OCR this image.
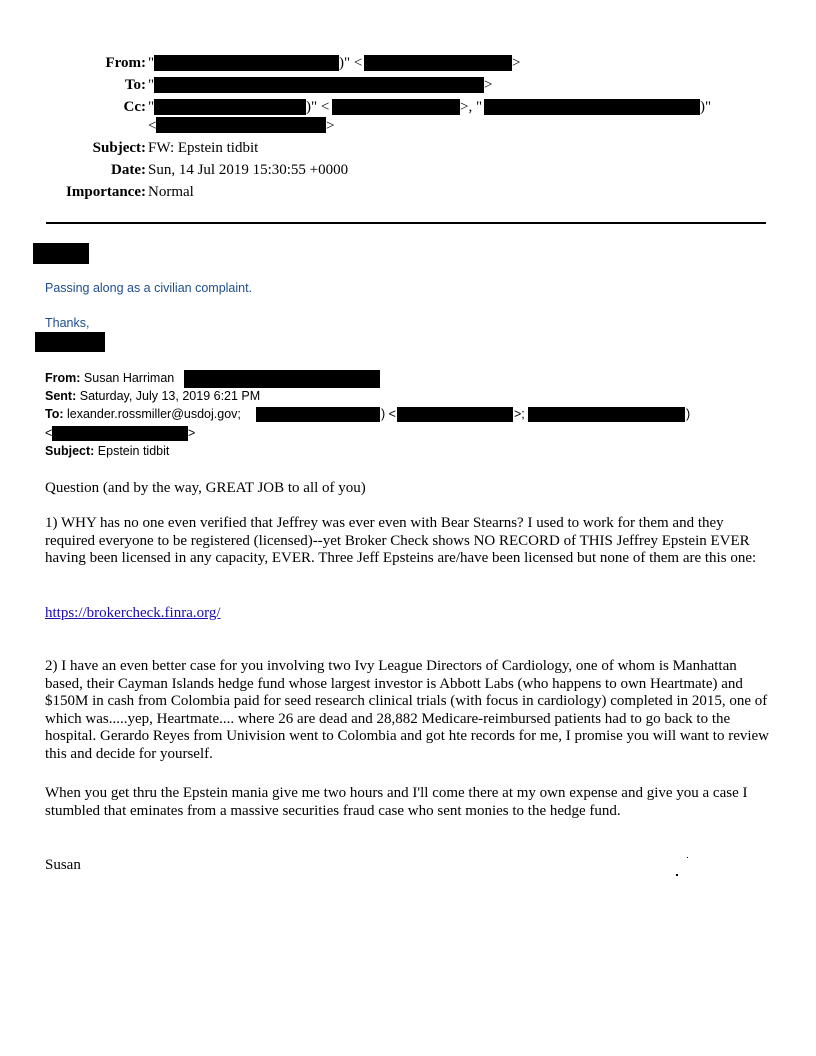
From: "	)" <	>
To: "	>
Cc: "	)" <	>, "	)"
<	>
Subject: FW: Epstein tidbit
Date: Sun, 14 Jul 2019 15:30:55 +0000
Importance: Normal
Passing along as a civilian complaint.
Thanks,
From: Susan Harriman
Sent: Saturday, July 13, 2019 6:21 PM
To: lexander.rossmiller@usdoj.gov;	) <	>;	)
<	>
Subject: Epstein tidbit
Question (and by the way, GREAT JOB to all of you)
1) WHY has no one even verified that Jeffrey was ever even with Bear Stearns? I used to work for them and they required everyone to be registered (licensed)--yet Broker Check shows NO RECORD of THIS Jeffrey Epstein EVER having been licensed in any capacity, EVER. Three Jeff Epsteins are/have been licensed but none of them are this one:
https://brokercheck.finra.org/
2) I have an even better case for you involving two Ivy League Directors of Cardiology, one of whom is Manhattan based, their Cayman Islands hedge fund whose largest investor is Abbott Labs (who happens to own Heartmate) and $150M in cash from Colombia paid for seed research clinical trials (with focus in cardiology) completed in 2015, one of which was.....yep, Heartmate.... where 26 are dead and 28,882 Medicare-reimbursed patients had to go back to the hospital. Gerardo Reyes from Univision went to Colombia and got hte records for me, I promise you will want to review this and decide for yourself.
When you get thru the Epstein mania give me two hours and I'll come there at my own expense and give you a case I stumbled that eminates from a massive securities fraud case who sent monies to the hedge fund.
Susan
